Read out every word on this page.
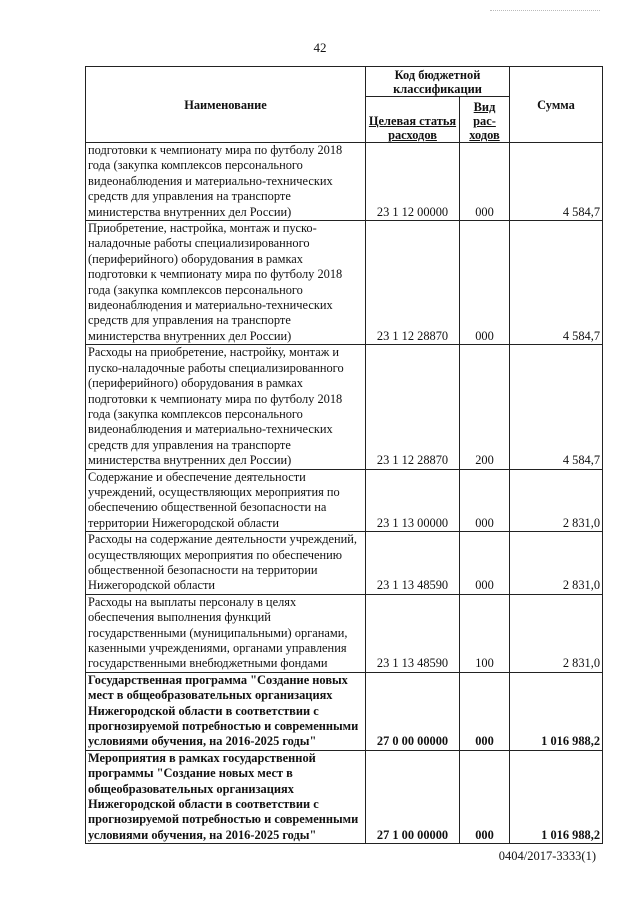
42
Наименование	Код бюджетной классификации		Сумма
	Целевая статья расходов	Вид рас-ходов	
подготовки к чемпионату мира по футболу 2018 года (закупка комплексов персонального видеонаблюдения и материально-технических средств для управления на транспорте министерства внутренних дел России)	23 1 12 00000	000	4 584,7
Приобретение, настройка, монтаж и пуско-наладочные работы специализированного (периферийного) оборудования в рамках подготовки к чемпионату мира по футболу 2018 года (закупка комплексов персонального видеонаблюдения и материально-технических средств для управления на транспорте министерства внутренних дел России)	23 1 12 28870	000	4 584,7
Расходы на приобретение, настройку, монтаж и пуско-наладочные работы специализированного (периферийного) оборудования в рамках подготовки к чемпионату мира по футболу 2018 года (закупка комплексов персонального видеонаблюдения и материально-технических средств для управления на транспорте министерства внутренних дел России)	23 1 12 28870	200	4 584,7
Содержание и обеспечение деятельности учреждений, осуществляющих мероприятия по обеспечению общественной безопасности на территории Нижегородской области	23 1 13 00000	000	2 831,0
Расходы на содержание деятельности учреждений, осуществляющих мероприятия по обеспечению общественной безопасности на территории Нижегородской области	23 1 13 48590	000	2 831,0
Расходы на выплаты персоналу в целях обеспечения выполнения функций государственными (муниципальными) органами, казенными учреждениями, органами управления государственными внебюджетными фондами	23 1 13 48590	100	2 831,0
Государственная программа "Создание новых мест в общеобразовательных организациях Нижегородской области в соответствии с прогнозируемой потребностью и современными условиями обучения, на 2016-2025 годы"	27 0 00 00000	000	1 016 988,2
Мероприятия в рамках государственной программы "Создание новых мест в общеобразовательных организациях Нижегородской области в соответствии с прогнозируемой потребностью и современными условиями обучения, на 2016-2025 годы"	27 1 00 00000	000	1 016 988,2
0404/2017-3333(1)
